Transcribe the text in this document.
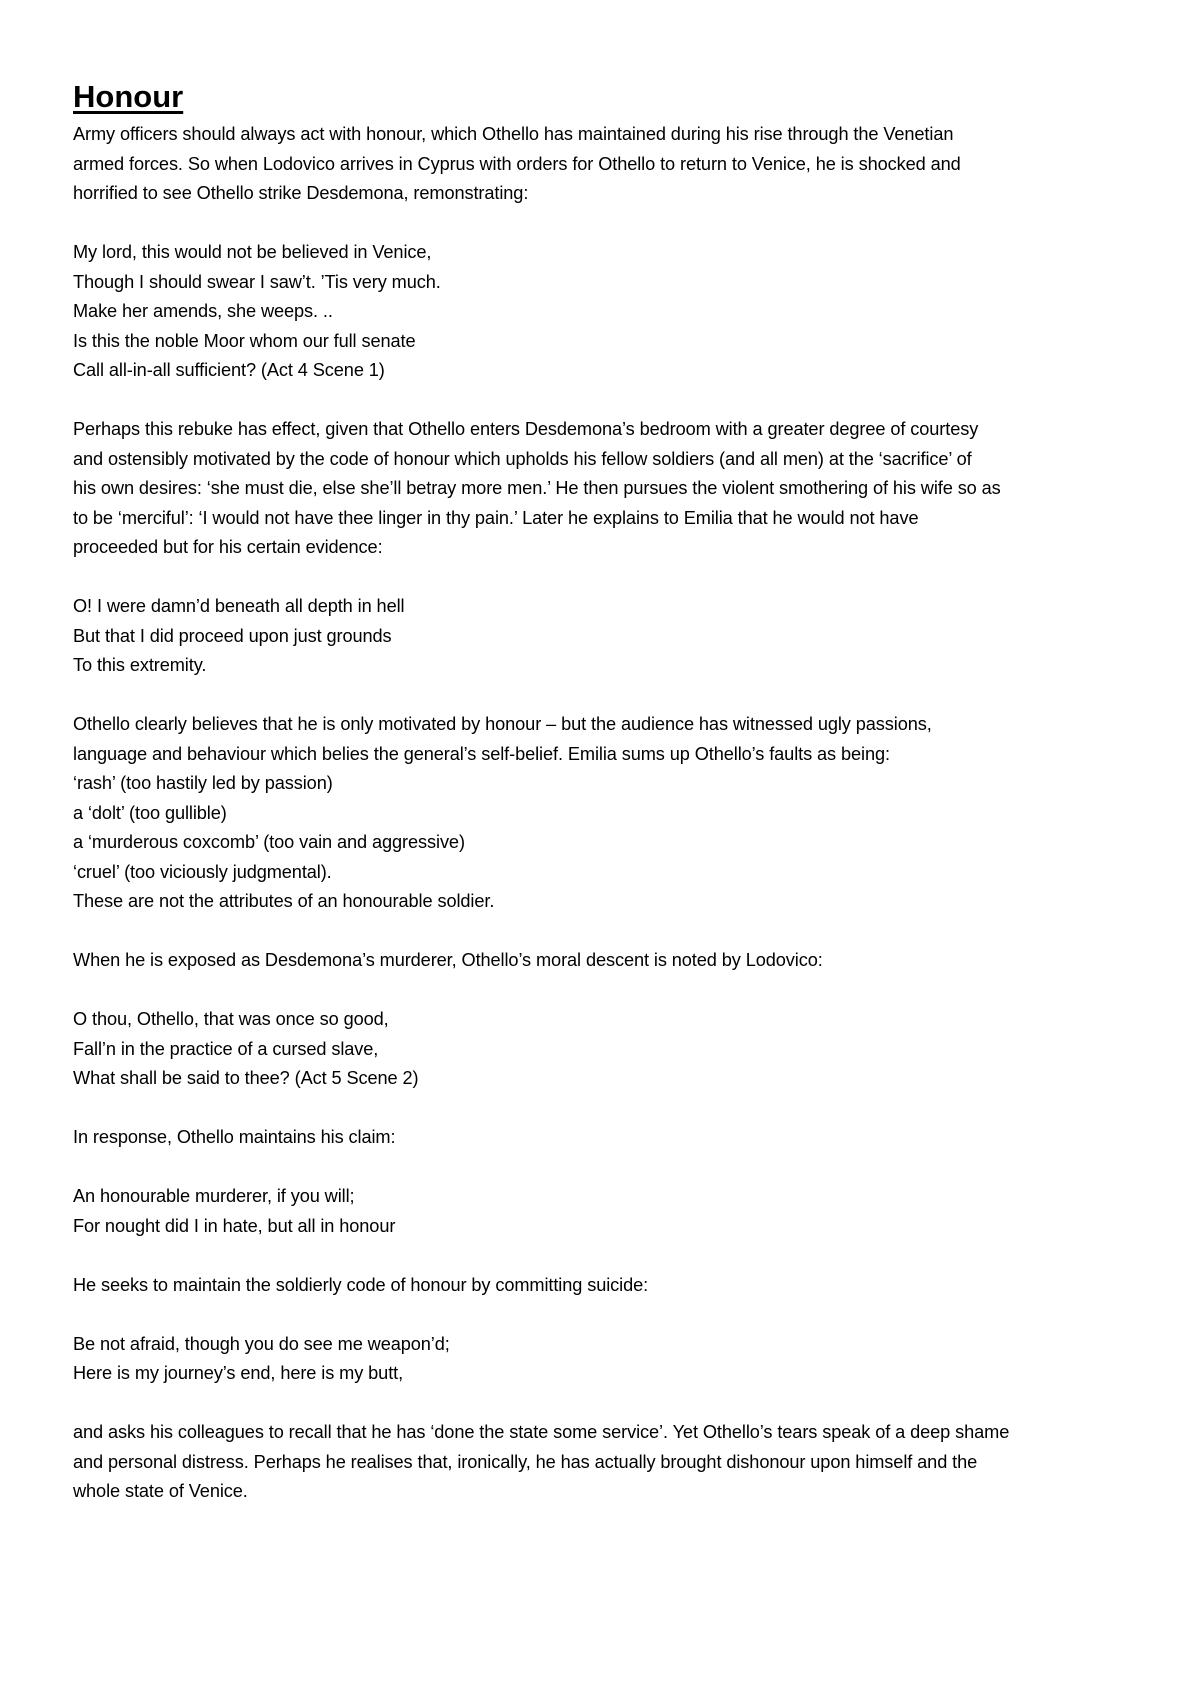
Honour
Army officers should always act with honour, which Othello has maintained during his rise through the Venetian
armed forces. So when Lodovico arrives in Cyprus with orders for Othello to return to Venice, he is shocked and
horrified to see Othello strike Desdemona, remonstrating:
My lord, this would not be believed in Venice,
Though I should swear I saw’t. ’Tis very much.
Make her amends, she weeps. ..
Is this the noble Moor whom our full senate
Call all-in-all sufficient? (Act 4 Scene 1)
Perhaps this rebuke has effect, given that Othello enters Desdemona’s bedroom with a greater degree of courtesy
and ostensibly motivated by the code of honour which upholds his fellow soldiers (and all men) at the ‘sacrifice’ of
his own desires: ‘she must die, else she’ll betray more men.’ He then pursues the violent smothering of his wife so as
to be ‘merciful’: ‘I would not have thee linger in thy pain.’ Later he explains to Emilia that he would not have
proceeded but for his certain evidence:
O! I were damn’d beneath all depth in hell
But that I did proceed upon just grounds
To this extremity.
Othello clearly believes that he is only motivated by honour – but the audience has witnessed ugly passions,
language and behaviour which belies the general’s self-belief. Emilia sums up Othello’s faults as being:
‘rash’ (too hastily led by passion)
a ‘dolt’ (too gullible)
a ‘murderous coxcomb’ (too vain and aggressive)
‘cruel’ (too viciously judgmental).
These are not the attributes of an honourable soldier.
When he is exposed as Desdemona’s murderer, Othello’s moral descent is noted by Lodovico:
O thou, Othello, that was once so good,
Fall’n in the practice of a cursed slave,
What shall be said to thee? (Act 5 Scene 2)
In response, Othello maintains his claim:
An honourable murderer, if you will;
For nought did I in hate, but all in honour
He seeks to maintain the soldierly code of honour by committing suicide:
Be not afraid, though you do see me weapon’d;
Here is my journey’s end, here is my butt,
and asks his colleagues to recall that he has ‘done the state some service’. Yet Othello’s tears speak of a deep shame
and personal distress. Perhaps he realises that, ironically, he has actually brought dishonour upon himself and the
whole state of Venice.
